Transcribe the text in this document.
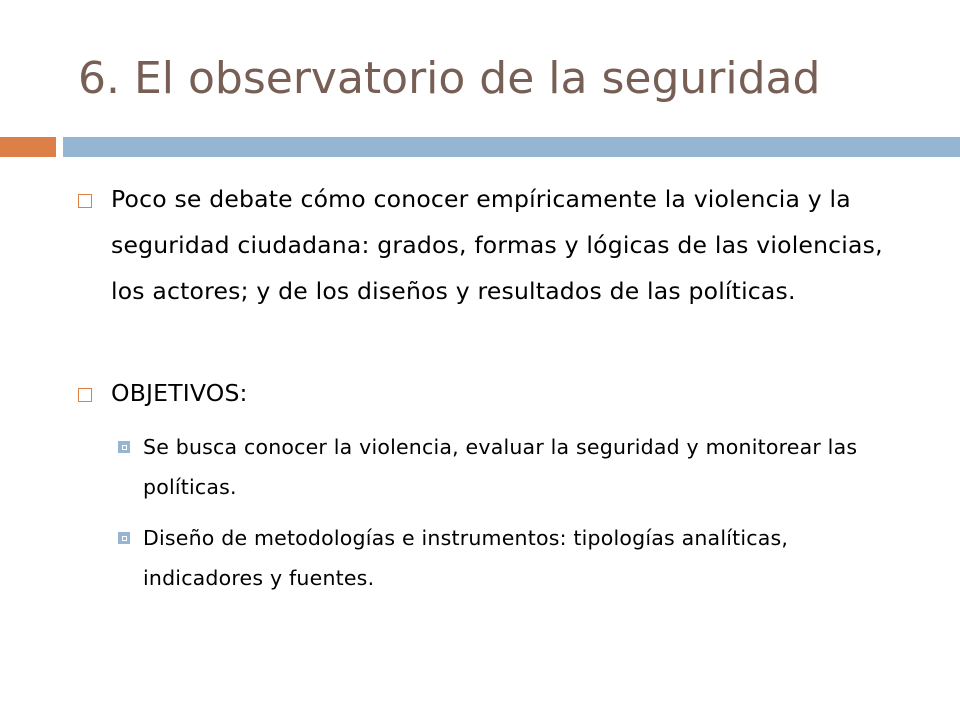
6. El observatorio de la seguridad
Poco se debate cómo conocer empíricamente la violencia y la seguridad ciudadana: grados, formas y lógicas de las violencias, los actores; y de los diseños y resultados de las políticas.
OBJETIVOS:
Se busca conocer la violencia, evaluar la seguridad y monitorear las políticas.
Diseño de metodologías e instrumentos: tipologías analíticas, indicadores y fuentes.
